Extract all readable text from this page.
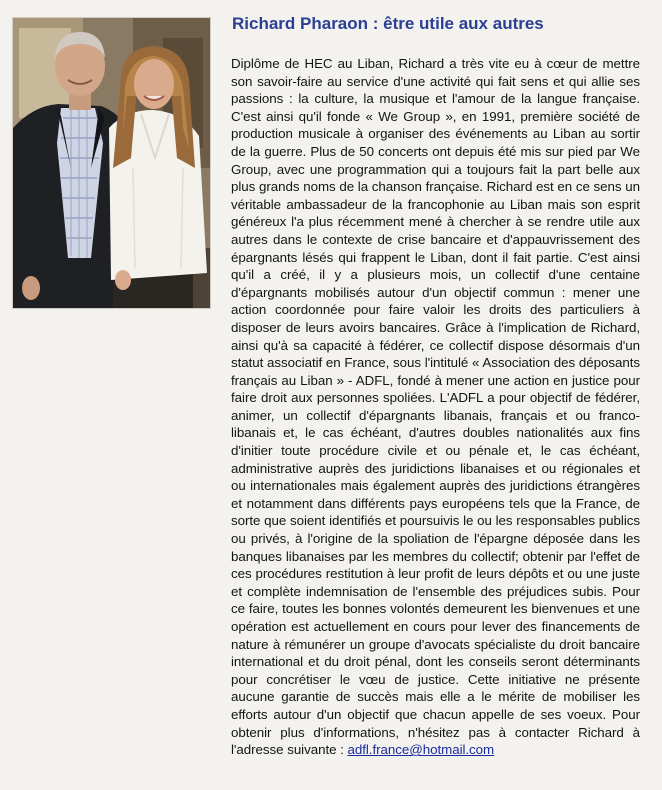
Richard Pharaon : être utile aux autres

Diplôme de HEC au Liban, Richard a très vite eu à cœur de mettre son savoir-faire au service d'une activité qui fait sens et qui allie ses passions : la culture, la musique et l'amour de la langue française. C'est ainsi qu'il fonde « We Group », en 1991, première société de production musicale à organiser des événements au Liban au sortir de la guerre. Plus de 50 concerts ont depuis été mis sur pied par We Group, avec une programmation qui a toujours fait la part belle aux plus grands noms de la chanson française. Richard est en ce sens un véritable ambassadeur de la francophonie au Liban mais son esprit généreux l'a plus récemment mené à chercher à se rendre utile aux autres dans le contexte de crise bancaire et d'appauvrissement des épargnants lésés qui frappent le Liban, dont il fait partie. C'est ainsi qu'il a créé, il y a plusieurs mois, un collectif d'une centaine d'épargnants mobilisés autour d'un objectif commun : mener une action coordonnée pour faire valoir les droits des particuliers à disposer de leurs avoirs bancaires. Grâce à l'implication de Richard, ainsi qu'à sa capacité à fédérer, ce collectif dispose désormais d'un statut associatif en France, sous l'intitulé « Association des déposants français au Liban » - ADFL, fondé à mener une action en justice pour faire droit aux personnes spoliées. L'ADFL a pour objectif de fédérer, animer, un collectif d'épargnants libanais, français et ou franco-libanais et, le cas échéant, d'autres doubles nationalités aux fins d'initier toute procédure civile et ou pénale et, le cas échéant, administrative auprès des juridictions libanaises et ou régionales et ou internationales mais également auprès des juridictions étrangères et notamment dans différents pays européens tels que la France, de sorte que soient identifiés et poursuivis le ou les responsables publics ou privés, à l'origine de la spoliation de l'épargne déposée dans les banques libanaises par les membres du collectif; obtenir par l'effet de ces procédures restitution à leur profit de leurs dépôts et ou une juste et complète indemnisation de l'ensemble des préjudices subis. Pour ce faire, toutes les bonnes volontés demeurent les bienvenues et une opération est actuellement en cours pour lever des financements de nature à rémunérer un groupe d'avocats spécialiste du droit bancaire international et du droit pénal, dont les conseils seront déterminants pour concrétiser le vœu de justice. Cette initiative ne présente aucune garantie de succès mais elle a le mérite de mobiliser les efforts autour d'un objectif que chacun appelle de ses voeux. Pour obtenir plus d'informations, n'hésitez pas à contacter Richard à l'adresse suivante : adfl.france@hotmail.com
